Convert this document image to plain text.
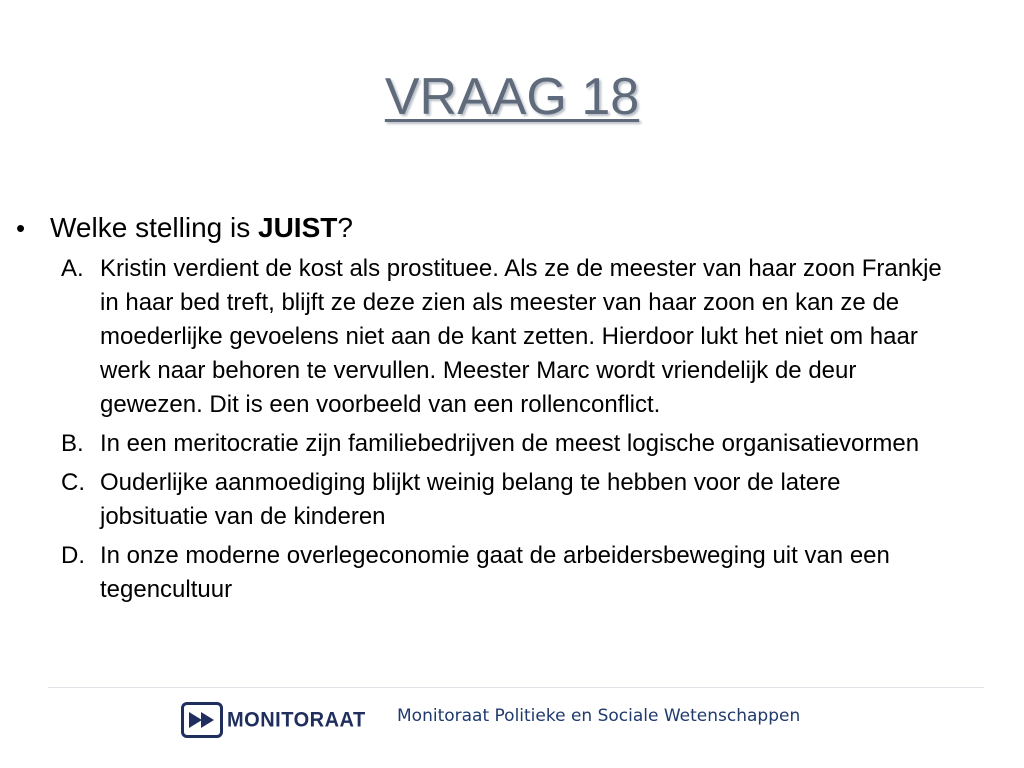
VRAAG 18
• Welke stelling is JUIST?
A. Kristin verdient de kost als prostituee. Als ze de meester van haar zoon Frankje in haar bed treft, blijft ze deze zien als meester van haar zoon en kan ze de moederlijke gevoelens niet aan de kant zetten. Hierdoor lukt het niet om haar werk naar behoren te vervullen. Meester Marc wordt vriendelijk de deur gewezen. Dit is een voorbeeld van een rollenconflict.
B. In een meritocratie zijn familiebedrijven de meest logische organisatievormen
C. Ouderlijke aanmoediging blijkt weinig belang te hebben voor de latere jobsituatie van de kinderen
D. In onze moderne overlegeconomie gaat de arbeidersbeweging uit van een tegencultuur
MONITORAAT Monitoraat Politieke en Sociale Wetenschappen
